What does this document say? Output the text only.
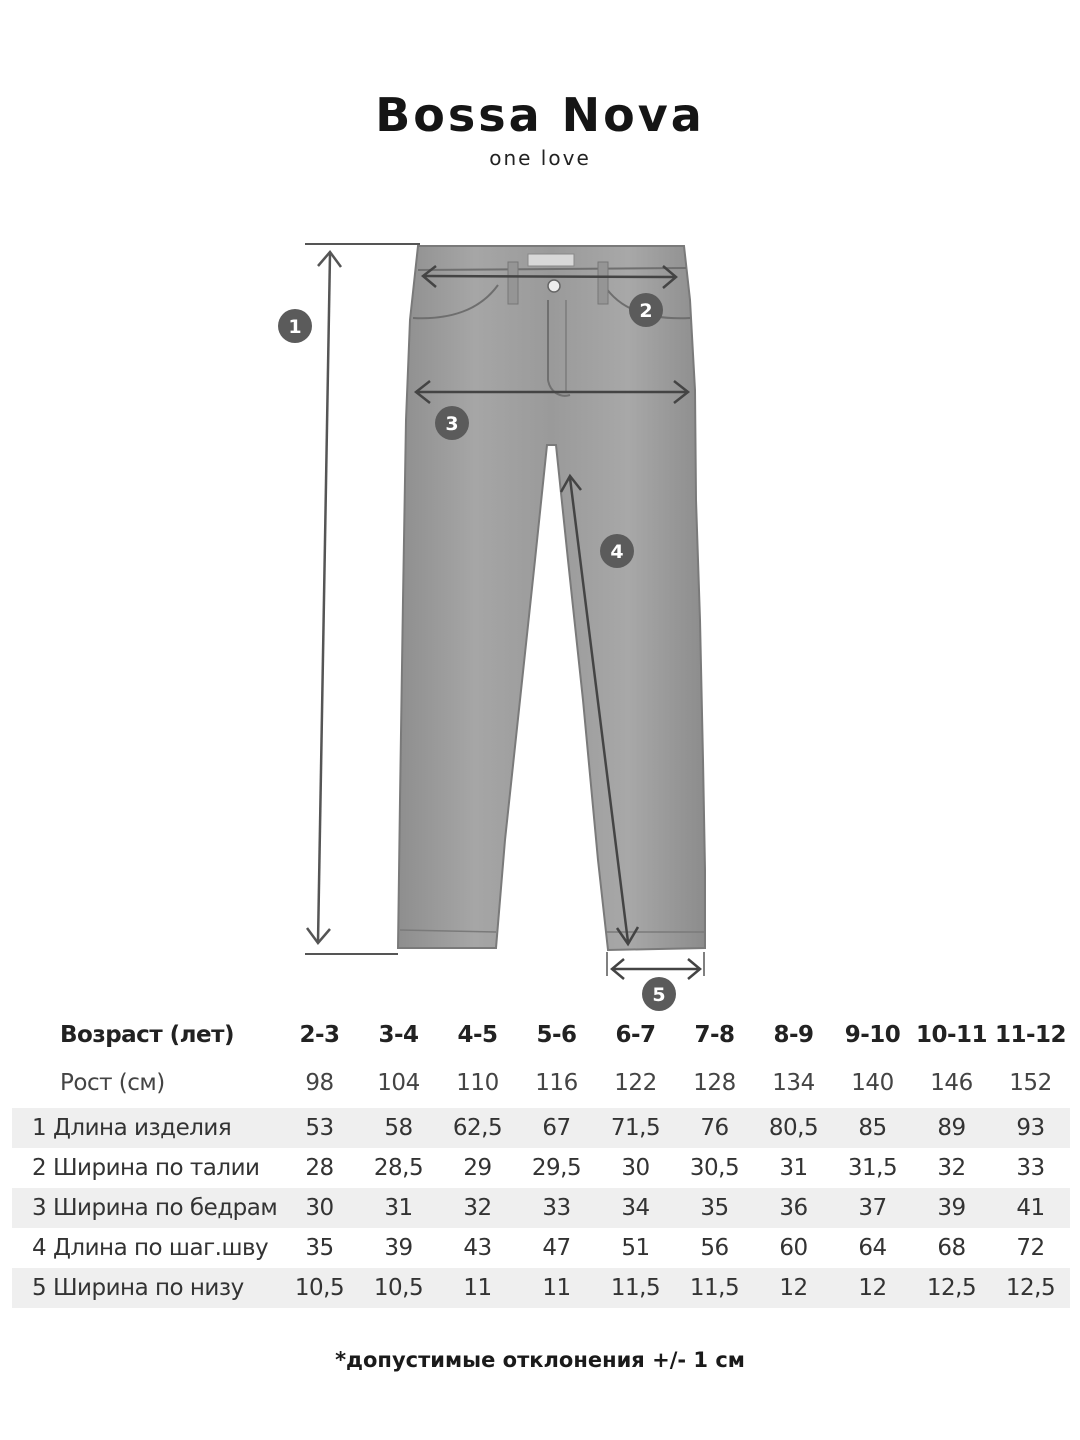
Bossa Nova
one love
1
2
3
4
5
Возраст (лет)	2-3	3-4	4-5	5-6	6-7	7-8	8-9	9-10	10-11	11-12
Рост (см)	98	104	110	116	122	128	134	140	146	152
1 Длина изделия	53	58	62,5	67	71,5	76	80,5	85	89	93
2 Ширина по талии	28	28,5	29	29,5	30	30,5	31	31,5	32	33
3 Ширина по бедрам	30	31	32	33	34	35	36	37	39	41
4 Длина по шаг.шву	35	39	43	47	51	56	60	64	68	72
5 Ширина по низу	10,5	10,5	11	11	11,5	11,5	12	12	12,5	12,5
*допустимые отклонения +/- 1 см
